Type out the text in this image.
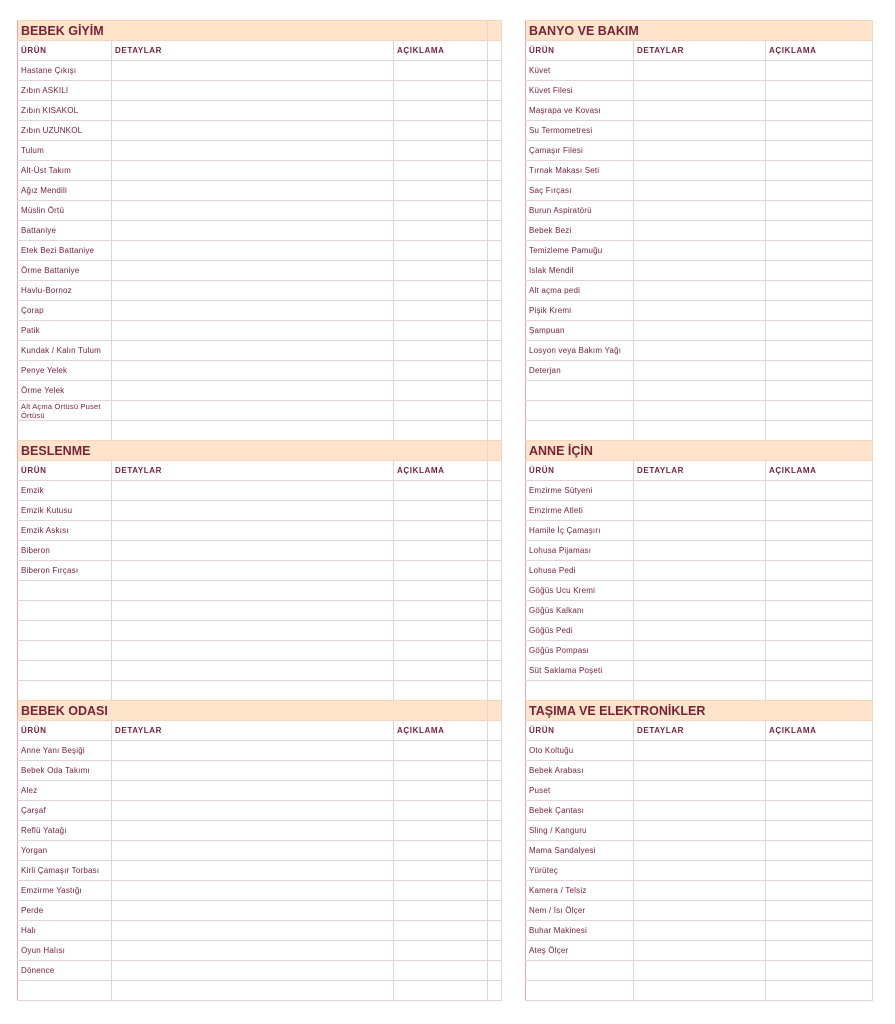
BEBEK GİYİM			
ÜRÜN	DETAYLAR	AÇIKLAMA	
Hastane Çıkışı			
Zıbın ASKILI			
Zıbın KISAKOL			
Zıbın UZUNKOL			
Tulum			
Alt-Üst Takım			
Ağız Mendili			
Müslin Örtü			
Battaniye			
Etek Bezi Battaniye			
Örme Battaniye			
Havlu-Bornoz			
Çorap			
Patik			
Kundak / Kalın Tulum			
Penye Yelek			
Örme Yelek			

Alt Açma Örtüsü Puset Örtüsü			

BANYO VE BAKIM		
ÜRÜN	DETAYLAR	AÇIKLAMA
Küvet		
Küvet Filesi		
Maşrapa ve Kovası		
Su Termometresi		
Çamaşır Filesi		
Tırnak Makası Seti		
Saç Fırçası		
Burun Aspiratörü		
Bebek Bezi		
Temizleme Pamuğu		
Islak Mendil		
Alt açma pedi		
Pişik Kremi		
Şampuan		
Losyon veya Bakım Yağı		
Deterjan		

BESLENME			
ÜRÜN	DETAYLAR	AÇIKLAMA	
Emzik			
Emzik Kutusu			
Emzik Askısı			
Biberon			
Biberon Fırçası			

ANNE İÇİN		
ÜRÜN	DETAYLAR	AÇIKLAMA
Emzirme Sütyeni		
Emzirme Atleti		
Hamile İç Çamaşırı		
Lohusa Pijaması		
Lohusa Pedi		
Göğüs Ucu Kremi		
Göğüs Kalkanı		
Göğüs Pedi		
Göğüs Pompası		
Süt Saklama Poşeti		

BEBEK ODASI			
ÜRÜN	DETAYLAR	AÇIKLAMA	
Anne Yanı Beşiği			
Bebek Oda Takımı			
Alez			
Çarşaf			
Reflü Yatağı			
Yorgan			
Kirli Çamaşır Torbası			
Emzirme Yastığı			
Perde			
Halı			
Oyun Halısı			
Dönence			

TAŞIMA VE ELEKTRONİKLER		
ÜRÜN	DETAYLAR	AÇIKLAMA
Oto Koltuğu		
Bebek Arabası		
Puset		
Bebek Çantası		
Sling / Kanguru		
Mama Sandalyesi		
Yürüteç		
Kamera / Telsiz		
Nem / Isı Ölçer		
Buhar Makinesi		
Ateş Ölçer		
